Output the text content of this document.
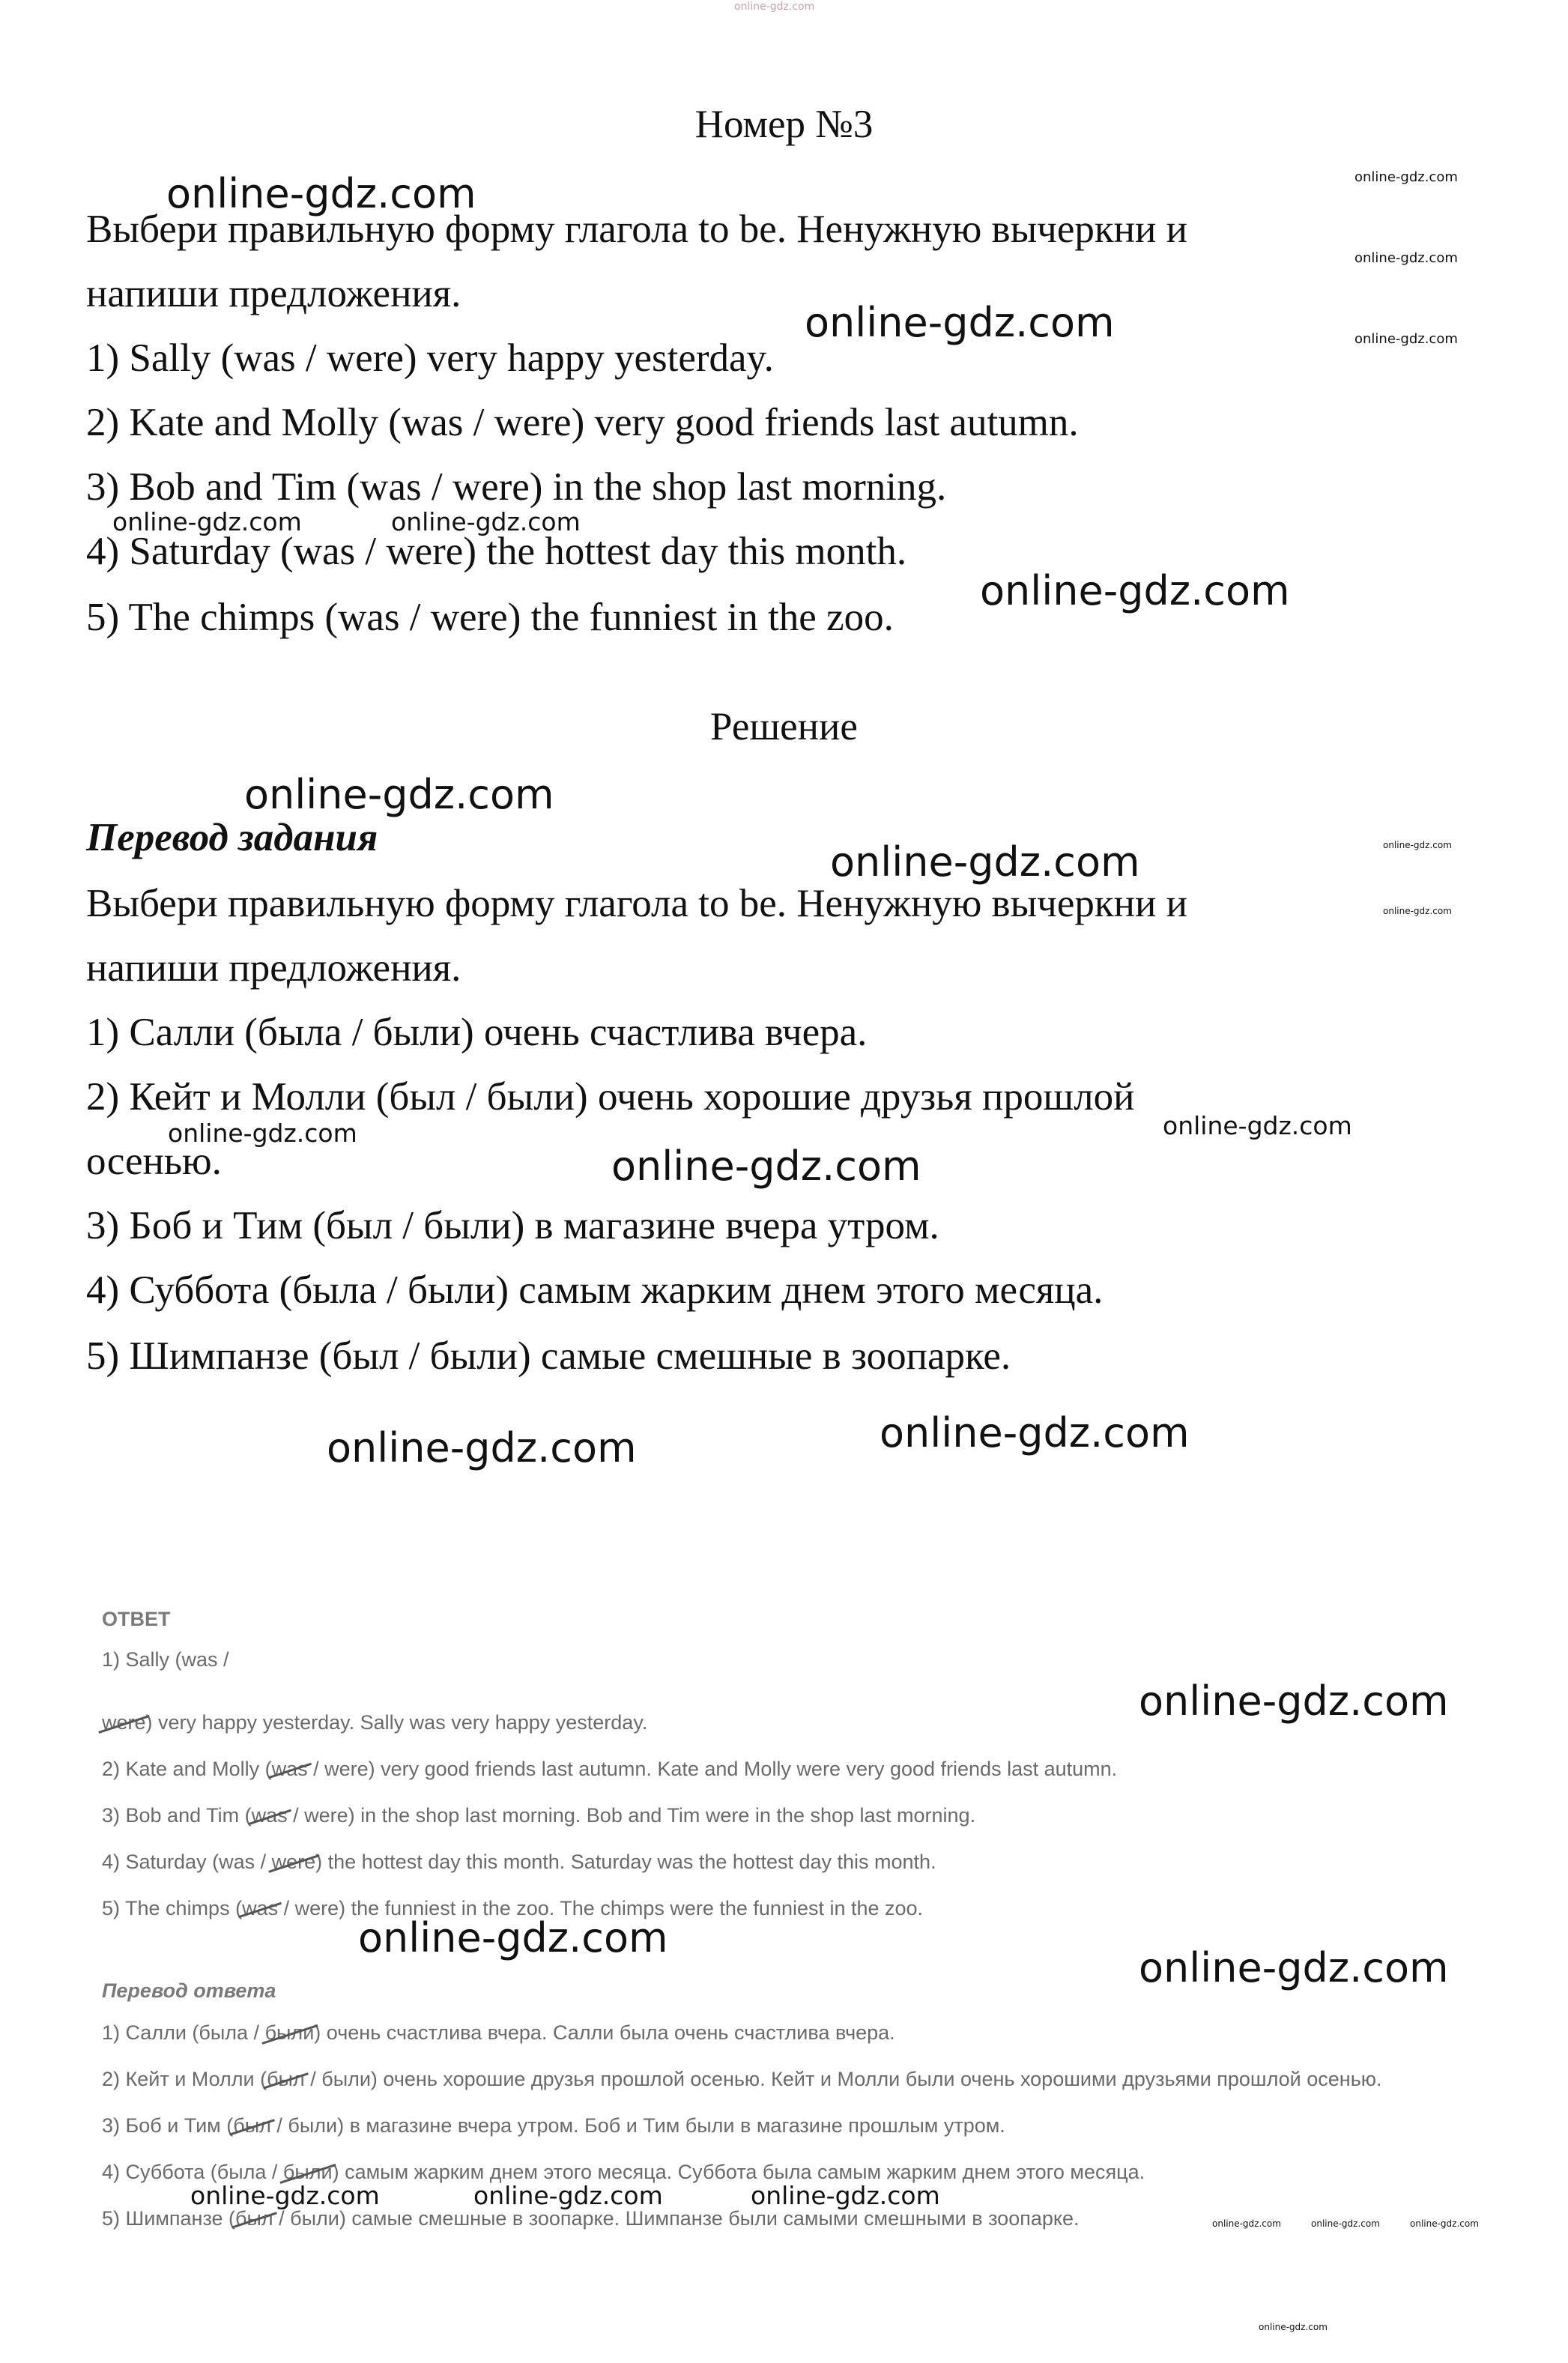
online-gdz.com
Номер №3
Выбери правильную форму глагола to be. Ненужную вычеркни и
напиши предложения.
1) Sally (was / were) very happy yesterday.
2) Kate and Molly (was / were) very good friends last autumn.
3) Bob and Tim (was / were) in the shop last morning.
4) Saturday (was / were) the hottest day this month.
5) The chimps (was / were) the funniest in the zoo.
Решение
Перевод задания
Выбери правильную форму глагола to be. Ненужную вычеркни и
напиши предложения.
1) Салли (была / были) очень счастлива вчера.
2) Кейт и Молли (был / были) очень хорошие друзья прошлой
осенью.
3) Боб и Тим (был / были) в магазине вчера утром.
4) Суббота (была / были) самым жарким днем этого месяца.
5) Шимпанзе (был / были) самые смешные в зоопарке.
ОТВЕТ
1) Sally (was /
were) very happy yesterday. Sally was very happy yesterday.
2) Kate and Molly (was / were) very good friends last autumn. Kate and Molly were very good friends last autumn.
3) Bob and Tim (was / were) in the shop last morning. Bob and Tim were in the shop last morning.
4) Saturday (was / were) the hottest day this month. Saturday was the hottest day this month.
5) The chimps (was / were) the funniest in the zoo. The chimps were the funniest in the zoo.
Перевод ответа
1) Салли (была / были) очень счастлива вчера. Салли была очень счастлива вчера.
2) Кейт и Молли (был / были) очень хорошие друзья прошлой осенью. Кейт и Молли были очень хорошими друзьями прошлой осенью.
3) Боб и Тим (был / были) в магазине вчера утром. Боб и Тим были в магазине прошлым утром.
4) Суббота (была / были) самым жарким днем этого месяца. Суббота была самым жарким днем этого месяца.
5) Шимпанзе (был / были) самые смешные в зоопарке. Шимпанзе были самыми смешными в зоопарке.
online-gdz.com	online-gdz.com
online-gdz.com
online-gdz.com
online-gdz.com
online-gdz.com	online-gdz.com
online-gdz.com
online-gdz.com
online-gdz.com	online-gdz.com
online-gdz.com
online-gdz.com	online-gdz.com
online-gdz.com
online-gdz.com	online-gdz.com
online-gdz.com
online-gdz.com
online-gdz.com
online-gdz.com	online-gdz.com	online-gdz.com
online-gdz.com	online-gdz.com	online-gdz.com
online-gdz.com
